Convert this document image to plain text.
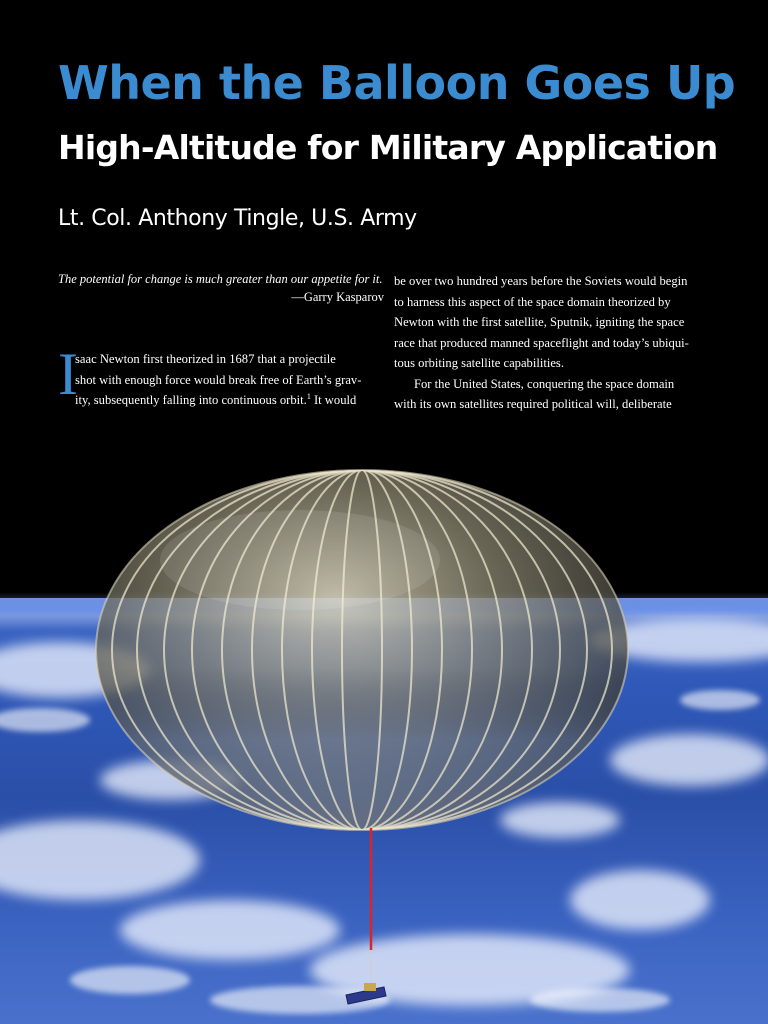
When the Balloon Goes Up
High-Altitude for Military Application

Lt. Col. Anthony Tingle, U.S. Army

The potential for change is much greater than our appetite for it.
—Garry Kasparov
I
saac Newton first theorized in 1687 that a projectile
shot with enough force would break free of Earth’s grav-
ity, subsequently falling into continuous orbit.$^1$ It would
be over two hundred years before the Soviets would begin
to harness this aspect of the space domain theorized by
Newton with the first satellite, Sputnik, igniting the space
race that produced manned spaceflight and today’s ubiqui-
tous orbiting satellite capabilities.
For the United States, conquering the space domain
with its own satellites required political will, deliberate
